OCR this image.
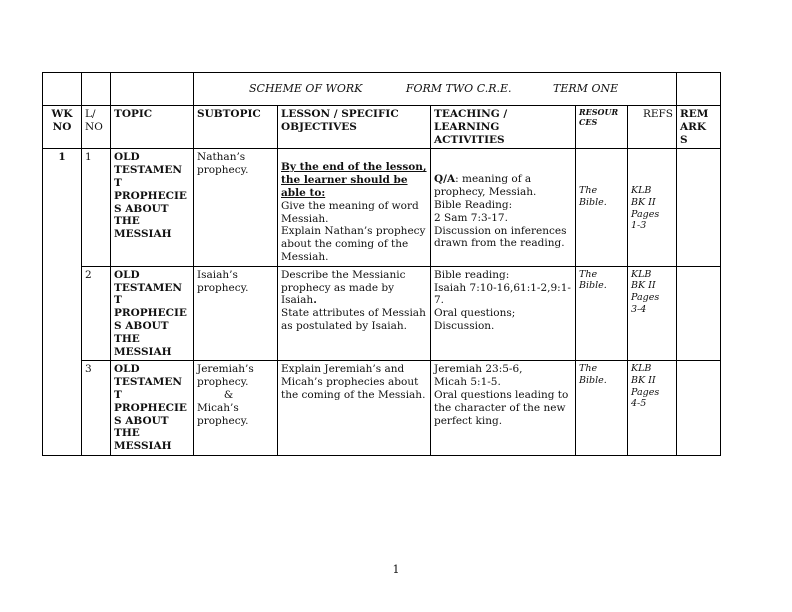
			SCHEME OF WORK FORM TWO C.R.E. TERM ONE					
WK NO	L/ NO	TOPIC	SUBTOPIC	LESSON / SPECIFIC OBJECTIVES	TEACHING / LEARNING ACTIVITIES	RESOUR CES	REFS	REM ARK S
1	1	OLD TESTAMEN T PROPHECIE S ABOUT THE MESSIAH	Nathan’s prophecy.	By the end of the lesson, the learner should be able to:
Give the meaning of word Messiah.
Explain Nathan’s prophecy about the coming of the Messiah.	Q/A: meaning of a prophecy, Messiah.
Bible Reading:
2 Sam 7:3-17.
Discussion on inferences drawn from the reading.	The Bible.	KLB
BK II
Pages
1-3	
	2	OLD TESTAMEN T PROPHECIE S ABOUT THE MESSIAH	Isaiah’s prophecy.	Describe the Messianic prophecy as made by Isaiah.
State attributes of Messiah as postulated by Isaiah.	Bible reading:
Isaiah 7:10-16,61:1-2,9:1-7.
Oral questions;
Discussion.	The Bible.	KLB
BK II
Pages
3-4	
	3	OLD TESTAMEN T PROPHECIE S ABOUT THE MESSIAH	Jeremiah’s prophecy.
&
Micah’s prophecy.	Explain Jeremiah’s and Micah’s prophecies about the coming of the Messiah.	Jeremiah 23:5-6,
Micah 5:1-5.
Oral questions leading to the character of the new perfect king.	The Bible.	KLB
BK II
Pages
4-5	
1
